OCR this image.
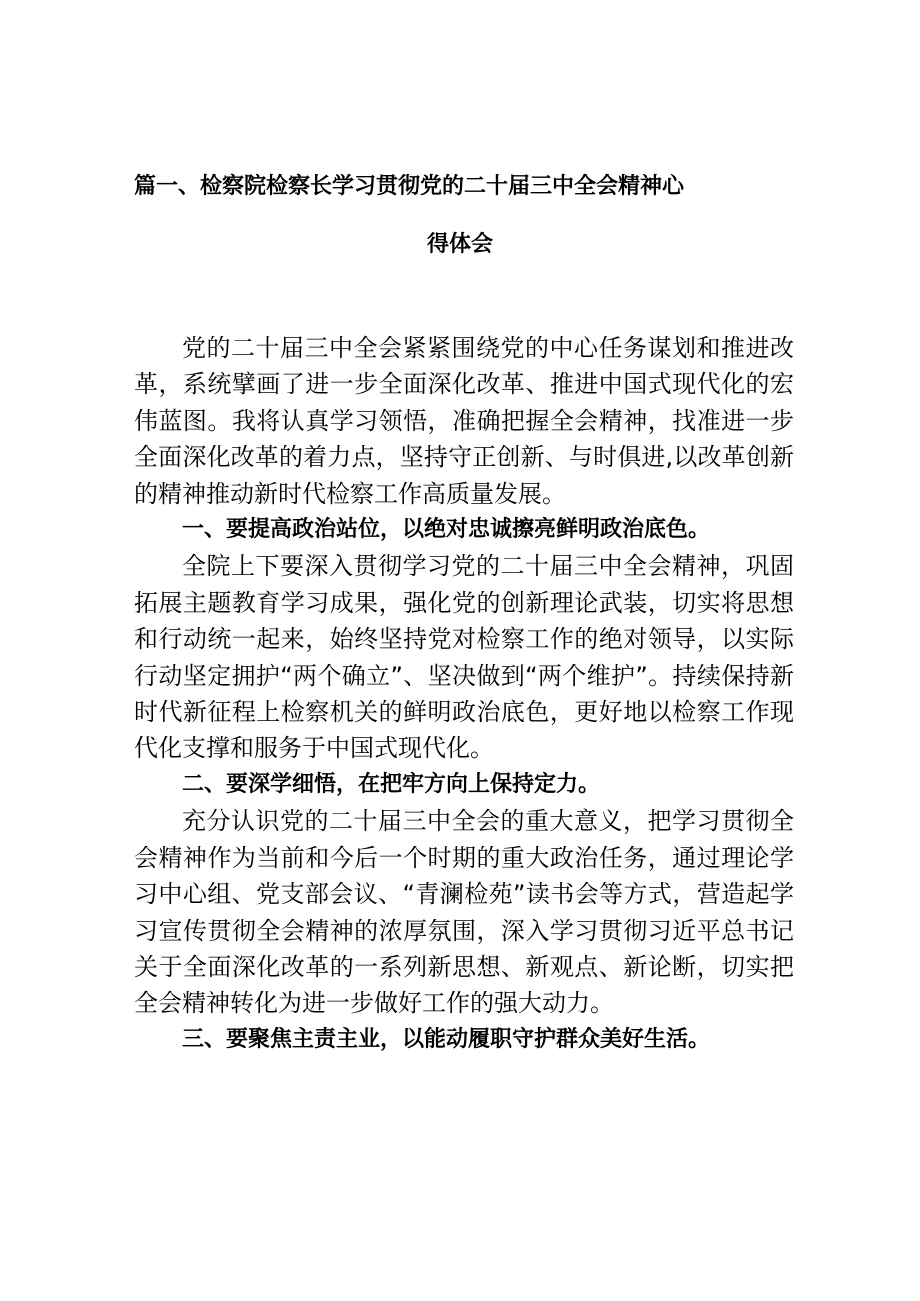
篇一、检察院检察长学习贯彻党的二十届三中全会精神心
得体会

党的二十届三中全会紧紧围绕党的中心任务谋划和推进改革，系统擘画了进一步全面深化改革、推进中国式现代化的宏伟蓝图。我将认真学习领悟，准确把握全会精神，找准进一步全面深化改革的着力点，坚持守正创新、与时俱进,以改革创新的精神推动新时代检察工作高质量发展。

一、要提高政治站位，以绝对忠诚擦亮鲜明政治底色。

全院上下要深入贯彻学习党的二十届三中全会精神，巩固拓展主题教育学习成果，强化党的创新理论武装，切实将思想和行动统一起来，始终坚持党对检察工作的绝对领导，以实际行动坚定拥护“两个确立”、坚决做到“两个维护”。持续保持新时代新征程上检察机关的鲜明政治底色，更好地以检察工作现代化支撑和服务于中国式现代化。

二、要深学细悟，在把牢方向上保持定力。

充分认识党的二十届三中全会的重大意义，把学习贯彻全会精神作为当前和今后一个时期的重大政治任务，通过理论学习中心组、党支部会议、“青澜检苑”读书会等方式，营造起学习宣传贯彻全会精神的浓厚氛围，深入学习贯彻习近平总书记关于全面深化改革的一系列新思想、新观点、新论断，切实把全会精神转化为进一步做好工作的强大动力。

三、要聚焦主责主业，以能动履职守护群众美好生活。
